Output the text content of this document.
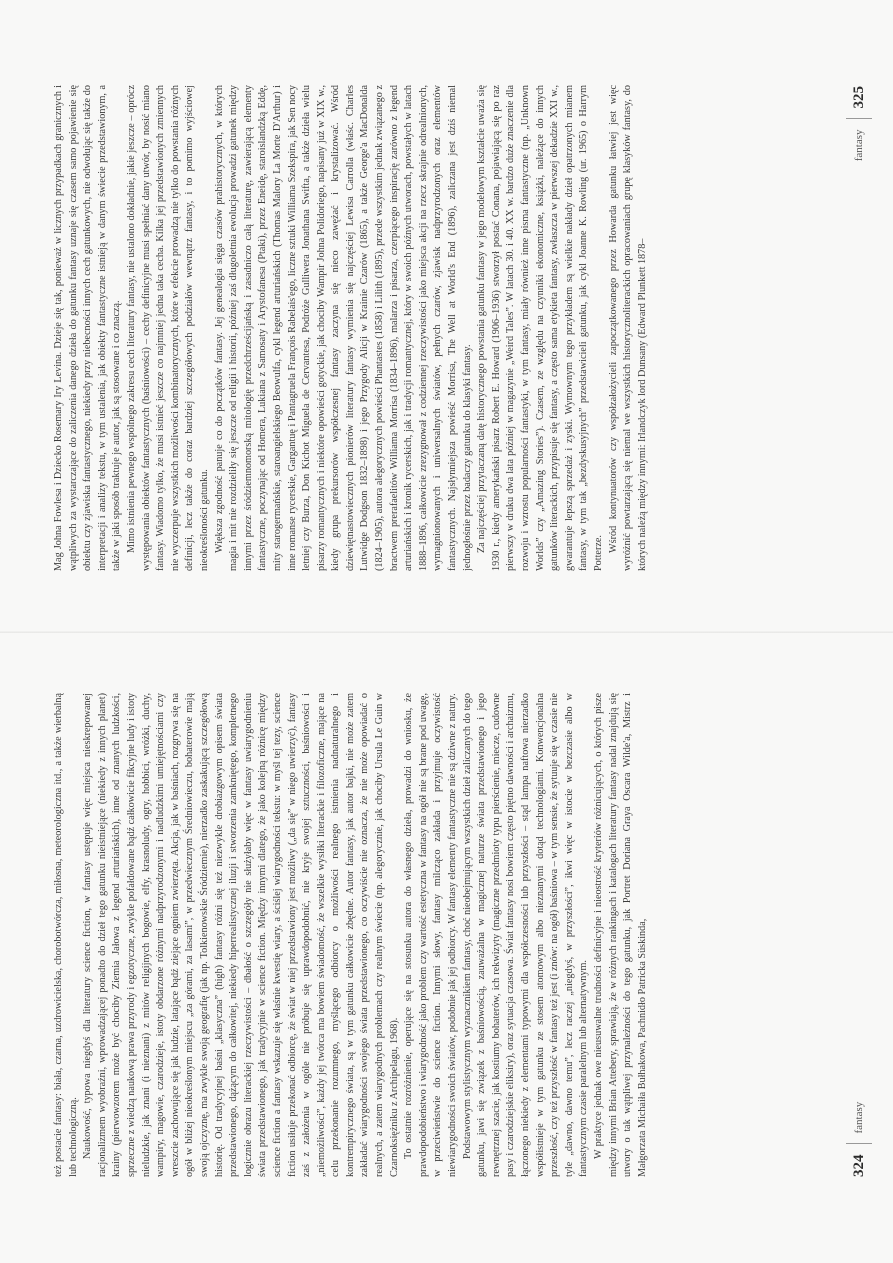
też postacie fantasy: biała, czarna, uzdrowicielska, chorobotwórcza, miłosna, meteorologiczna itd., a także wierbalną lub technologiczną. Naukowość, typowa niegdyś dla literatury science fiction, w fantasy ustępuje więc miejsca nieskrepowanej racjonalizmem wyobraźni, wprowadzającej ponadto do dzieł tego gatunku nieistniejące (niekiedy z innych planet) krainy (pierwowzorem może być chociby Ziemia Jałowa z legend arturiańskich), inne od znanych ludzkości, sprzeczne z wiedzą naukową prawa przyrody i egzotyczne, zwykle pofałdowane bądź całkowicie fikcyjne ludy i istoty nieludzkie, jak znani (i nieznani) z mitów religijnych bogowie, elfy, krasnoludy, ogry, hobbici, wróżki, duchy, wampiry, magowie, czarodzieje, istoty obdarzone różnymi nadprzyrodzonymi i nadludzkimi umiejętnościami czy wreszcie zachowujące się jak ludzie, latające bądź ziejące ogniem zwierzęta. Akcja, jak w baśniach, rozgrywa się na ogół w bliżej nieokreślonym miejscu „za górami, za lasami”, w przedwiecznym Średniowieczu, bohaterowie mają swoją ojczyznę, ma zwykle swoją geografię (jak np. Tolkienowskie Śródziemie), nierzadko zaskakującą szczegółową historię. Od tradycyjnej baśni „klasyczna” (high) fantasy różni się też niezwykle drobiazgowym opisem świata przedstawionego, dążącym do całkowitej, niekiedy hiperrealistycznej iluzji i stworzenia zamkniętego, kompletnego logicznie obrazu literackiej rzeczywistości – dbałość o szczegóły nie służyłaby więc w fantasy uwiarygodnieniu świata przedstawionego, jak tradycyjnie w science fiction. Między innymi dlatego, że jako kolejną różnicę między science fiction a fantasy wskazuje się właśnie kwestię wiary, a ściślej wiarygodności tekstu: w myśl tej tezy, science fiction usiłuje przekonać odbiorcę, że świat w niej przedstawiony jest możliwy („da się” w niego uwierzyć), fantasy zaś z założenia w ogóle nie próbuje się uprawdopodobnić, nie kryje swojej sztuczności, baśniowości i „niemożliwości”, każdy jej twórca ma bowiem świadomość, że wszelkie wysiłki literackie i filozoficzne, mające na celu przekonanie rozumnego, myślącego odbiorcy o możliwości realnego istnienia nadnaturalnego i kontrempirycznego świata, są w tym gatunku całkowicie zbędne. Autor fantasy, jak autor bajki, nie może zatem zakładać wiarygodności swojego świata przedstawionego, co oczywiście nie oznacza, że nie może opowiadać o realnych, a zatem wiarygodnych problemach czy realnym świecie (np. alegorycznie, jak chociby Ursula Le Guin w Czarnoksiężniku z Archipelagu, 1968). To ostatnie rozróżnienie, operujące się na stosunku autora do własnego dzieła, prowadzi do wniosku, że prawdopodobieństwo i wiarygodność jako problem czy wartość estetyczna w fantasy na ogół nie są brane pod uwagę, w przeciwieństwie do science fiction. Innymi słowy, fantasy milcząco zakłada i przyjmuje oczywistość niewiarygodności swoich światów, podobnie jak jej odbiorcy. W fantasy elementy fantastyczne nie są dziwne z natury. Podstawowym stylistycznym wyznacznikiem fantasy, choć nieobejmującym wszystkich dzieł zaliczanych do tego gatunku, jawi się związek z baśniowością, zauważalna w magicznej naturze świata przedstawionego i jego rewnętrznej szacie, jak kostiumy bohaterów, ich rekwizyty (magiczne przedmioty typu pierścienie, miecze, cudowne pasy i czarodziejskie eliksiry), oraz sytuacja czasowa. Świat fantasy nosi bowiem często piętno dawności i archaizmu, łączonego niekiedy z elementami typowymi dla współczesności lub przyszłości – stąd lampa naftowa nierzadko współistnieje w tym gatunku ze stosem atomowym albo nieznanymi dotąd technologiami. Konwencjonalna przeszłość, czy też przyszłość w fantasy też jest (i znów: na ogół) baśniowa – w tym sensie, że sytuuje się w czasie nie tyle „dawno, dawno temu”, lecz raczej „niegdyś, w przyszłości”, ikwi więc w istocie w bezczasie albo w fantastycznym czasie paralelnym lub alternatywnym. W praktyce jednak owe nieusuwalne trudności definicyjne i nieostrość kryteriów różnicujących, o których pisze między innymi Brian Attebery, sprawiają, że w różnych rankingach i katalogach literatury fantasy nadal znajdują się utwory o tak wątpliwej przynależności do tego gatunku, jak Portret Doriana Graya Oscara Wilde'a, Mistrz i Małgorzata Michaiła Bułhakowa, Pachnidło Patricka Süskinda,	324
fantasy

Mag Johna Fowlesa i Dziecko Rosemary Iry Levina. Dzieje się tak, ponieważ w licznych przypadkach granicznych i wątpliwych za wystarczające do zaliczenia danego dzieła do gatunku fantasy uznaje się czasem samo pojawienie się obiektu czy zjawiska fantastycznego, niekiedy przy niebecności innych cech gatunkowych, nie odwołując się także do interpretacji i analizy tekstu, w tym ustalenia, jak obiekty fantastyczne istnieją w danym świecie przedstawionym, a także w jaki sposób traktuje je autor, jak są stosowane i co znaczą. Mimo istnienia pewnego wspólnego zakresu cech literatury fantasy, nie ustalono dokładnie, jakie jeszcze – oprócz występowania obiektów fantastycznych (baśniowości) – cechy definicyjne musi spełniać dany utwór, by nosić miano fantasy. Wiadomo tylko, że musi istnieć jeszcze co najmniej jedna taka cecha. Kilka jej przedstawionych zmiennych nie wyczerpuje wszystkich możliwości kombinatorycznych, które w efekcie prowadzą nie tylko do powstania różnych definicji, lecz także do coraz bardziej szczegółowych podziałów wewnątrz fantasy, i to pomimo wyjściowej nieokreśloności gatunku. Większa zgodność panuje co do początków fantasy. Jej genealogia sięga czasów prahistorycznych, w których magia i mit nie rozdzieliły się jeszcze od religii i historii, później zaś długoletnia ewolucja prowadzi gatunek między innymi przez śródziemnomorską mitologię przedchrześcijańską i zasadniczo całą literaturę, zawierającą elementy fantastyczne, poczynając od Homera, Lukiana z Samosaty i Arystofanesa (Ptaki), przez Eneidę, staroislandzką Eddę, mity starogermańskie, staroangielskiego Beowulfa, cykl legend arturiańskich (Thomas Malory La Morte D'Arthur) i inne romanse rycerskie, Gargantuę i Pantagruela François Rabelais'ego, liczne sztuki Williama Szekspira, jak Sen nocy letniej czy Burza, Don Kichot Miguela de Cervantesa, Podróże Gulliwera Jonathana Swifta, a także dzieła wielu pisarzy romantycznych i niektóre opowieści gotyckie, jak chociby Wampir Johna Polidoriego, napisany już w XIX w., kiedy grupa prekursorów współczesnej fantasy zaczyna się nieco zawężać i krystalizować. Wśród dziewiętnastowiecznych pionierów literatury fantasy wymienia się najczęściej Lewisa Carrolla (właśc. Charles Lutwidge Dodgson 1832–1898) i jego Przygody Alicji w Krainie Czarów (1865), a także George'a MacDonalda (1824–1905), autora alegorycznych powieści Phantastes (1858) i Lilith (1895), przede wszystkim jednak związanego z bractwem prerafaelitów Williama Morrisa (1834–1896), malarza i pisarza, czerpiącego inspirację zarówno z legend arturiańskich i kronik rycerskich, jak i tradycji romantycznej, który w swoich późnych utworach, powstałych w latach 1888–1896, całkowicie zrezygnował z codziennej rzeczywistości jako miejsca akcji na rzecz skrajnie odrealnionych, wymagnionowanych i uniwersalnych światów, pełnych czarów, zjawisk nadprzyrodzonych oraz elementów fantastycznych. Najsłynniejsza powieść Morrisa, The Well at World's End (1896), zaliczana jest dziś niemal jednogłośnie przez badaczy gatunku do klasyki fantasy. Za najczęściej przytaczaną datę historycznego powstania gatunku fantasy w jego modelowym kształcie uważa się 1930 r., kiedy amerykański pisarz Robert E. Howard (1906–1936) stworzył postać Conana, pojawiającą się po raz pierwszy w druku dwa lata później w magazynie „Weird Tales”. W latach 30. i 40. XX w. bardzo duże znaczenie dla rozwoju i wzrostu popularności fantastyki, w tym fantasy, miały również inne pisma fantastyczne (np. „Unknown Worlds” czy „Amazing Stories”). Czasem, ze względu na czynniki ekonomiczne, książki, należące do innych gatunków literackich, przypisuje się fantasy, a często sama etykieta fantasy, zwłaszcza w pierwszej dekadzie XXI w., gwarantuje lepszą sprzedaż i zyski. Wymownym tego przykładem są wielkie nakłady dzieł opatrzonych mianem fantasy, w tym tak „bezdyskusyjnych” przedstawicieli gatunku, jak cykl Joanne K. Rowling (ur. 1965) o Harrym Potterze.

Wśród kontynuatorów czy współzałożycieli zapoczątkowanego przez Howarda gatunku łatwiej jest więc wyróżnić powtarzającą się niemal we wszystkich historycznoliterackich opracowaniach grupę klasyków fantasy, do których należą między innymi: Irlandczyk lord Dunsany (Edward Plunkett 1878–

fantasy
325
